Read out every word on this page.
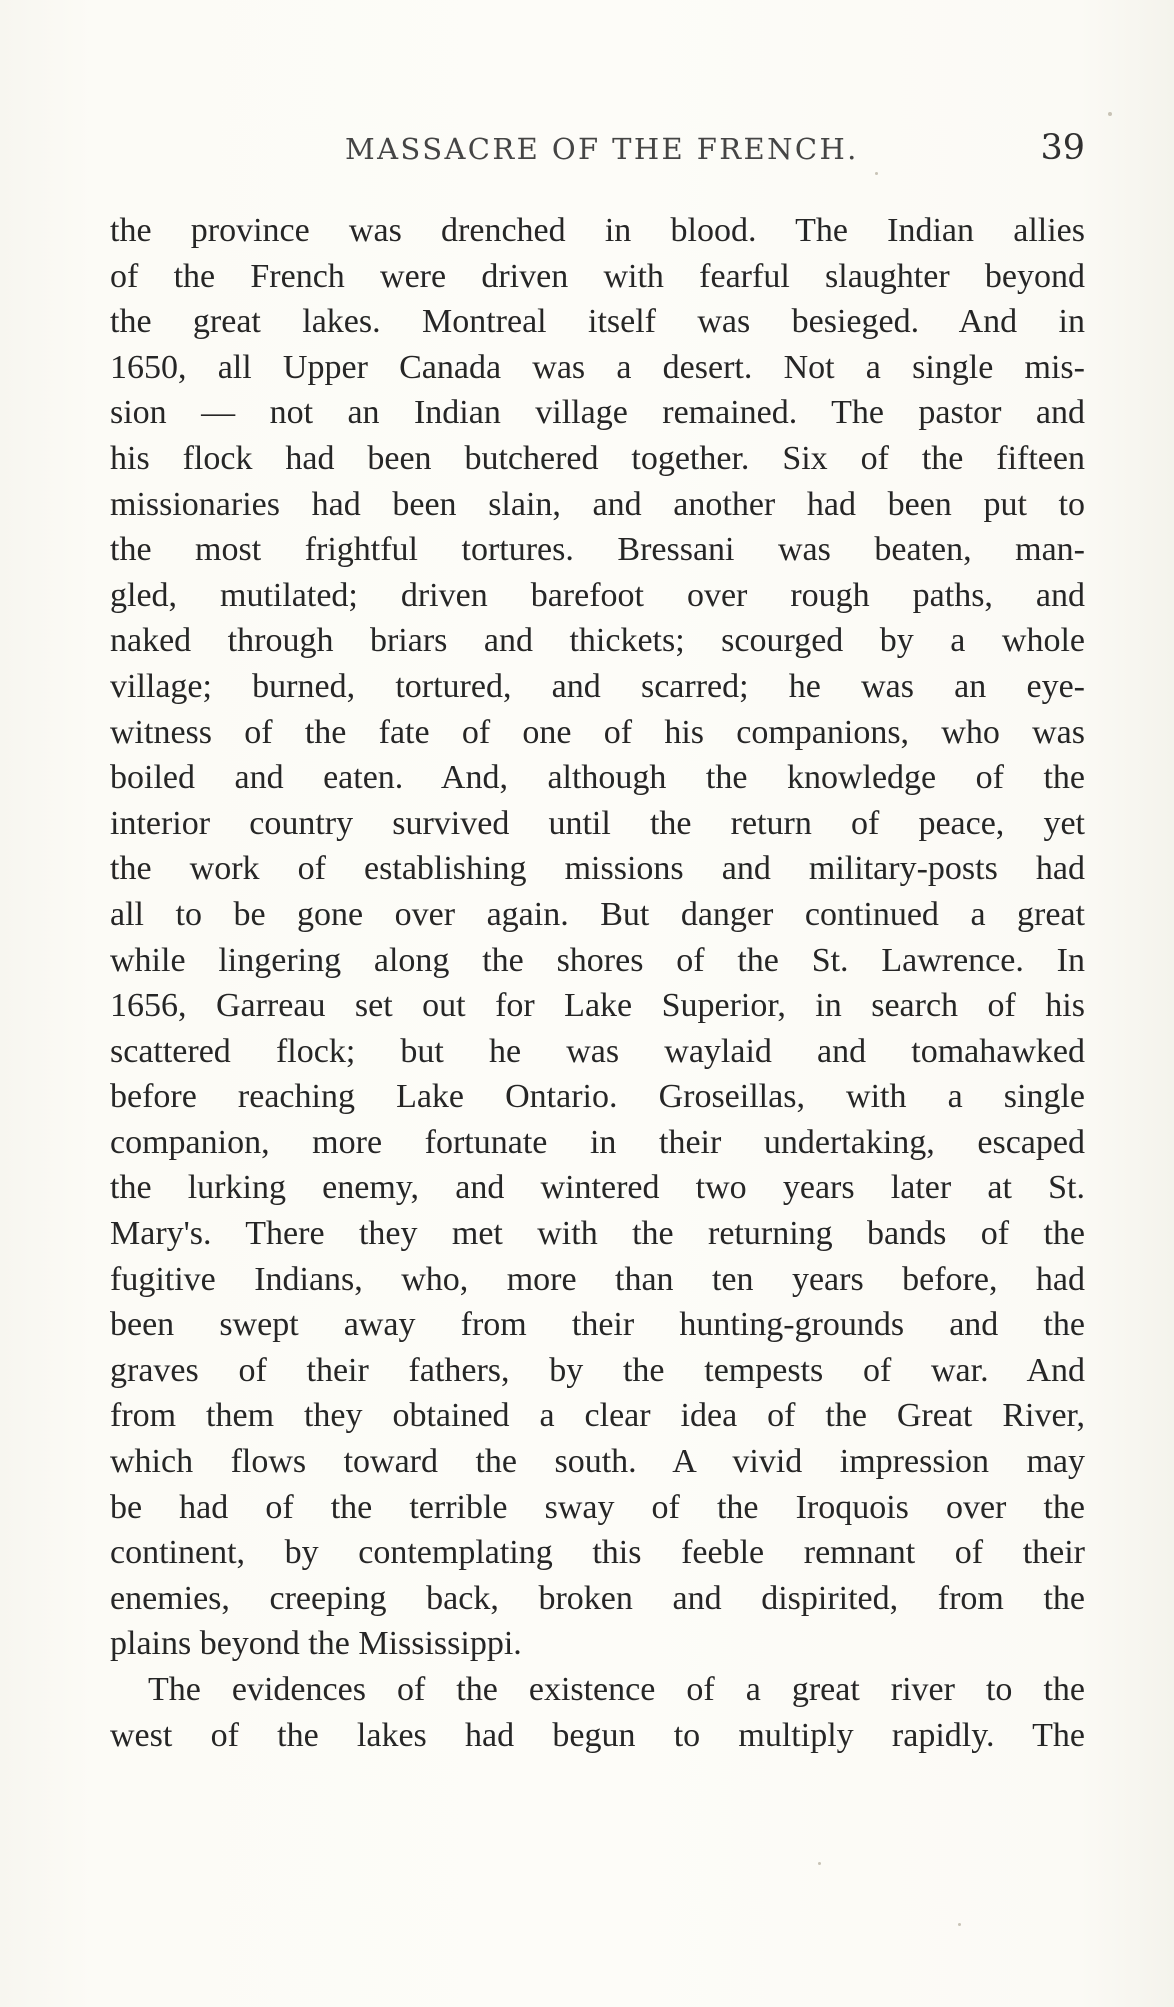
MASSACRE OF THE FRENCH.	39
the province was drenched in blood. The Indian allies
of the French were driven with fearful slaughter beyond
the great lakes. Montreal itself was besieged. And in
1650, all Upper Canada was a desert. Not a single mis-
sion — not an Indian village remained. The pastor and
his flock had been butchered together. Six of the fifteen
missionaries had been slain, and another had been put to
the most frightful tortures. Bressani was beaten, man-
gled, mutilated; driven barefoot over rough paths, and
naked through briars and thickets; scourged by a whole
village; burned, tortured, and scarred; he was an eye-
witness of the fate of one of his companions, who was
boiled and eaten. And, although the knowledge of the
interior country survived until the return of peace, yet
the work of establishing missions and military-posts had
all to be gone over again. But danger continued a great
while lingering along the shores of the St. Lawrence. In
1656, Garreau set out for Lake Superior, in search of his
scattered flock; but he was waylaid and tomahawked
before reaching Lake Ontario. Groseillas, with a single
companion, more fortunate in their undertaking, escaped
the lurking enemy, and wintered two years later at St.
Mary's. There they met with the returning bands of the
fugitive Indians, who, more than ten years before, had
been swept away from their hunting-grounds and the
graves of their fathers, by the tempests of war. And
from them they obtained a clear idea of the Great River,
which flows toward the south. A vivid impression may
be had of the terrible sway of the Iroquois over the
continent, by contemplating this feeble remnant of their
enemies, creeping back, broken and dispirited, from the
plains beyond the Mississippi.
The evidences of the existence of a great river to the
west of the lakes had begun to multiply rapidly. The
